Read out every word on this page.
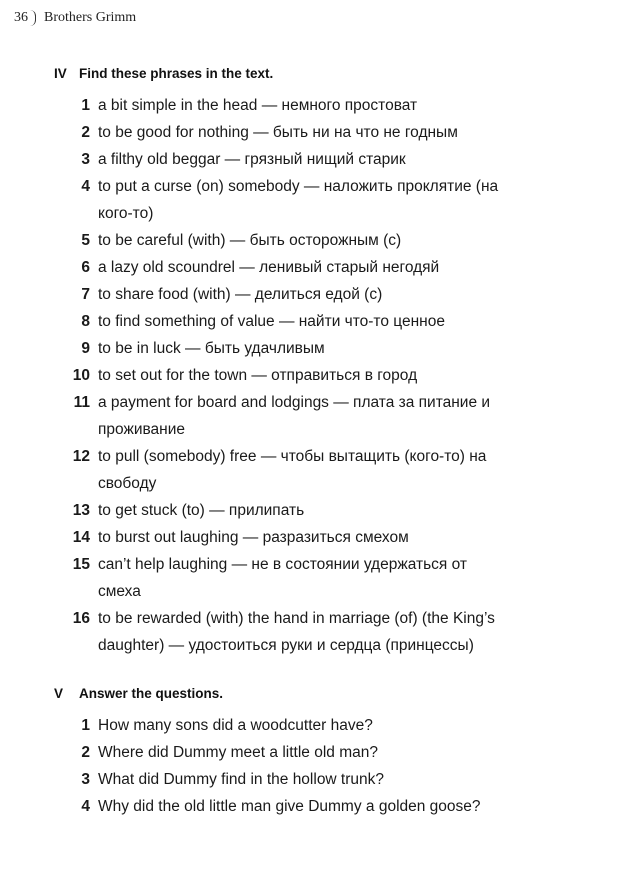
36 Brothers Grimm
IV Find these phrases in the text.
1 a bit simple in the head — немного простоват
2 to be good for nothing — быть ни на что не годным
3 a filthy old beggar — грязный нищий старик
4 to put a curse (on) somebody — наложить проклятие (на
кого-то)
5 to be careful (with) — быть осторожным (с)
6 a lazy old scoundrel — ленивый старый негодяй
7 to share food (with) — делиться едой (с)
8 to find something of value — найти что-то ценное
9 to be in luck — быть удачливым
10 to set out for the town — отправиться в город
11 a payment for board and lodgings — плата за питание и
проживание
12 to pull (somebody) free — чтобы вытащить (кого-то) на
свободу
13 to get stuck (to) — прилипать
14 to burst out laughing — разразиться смехом
15 can’t help laughing — не в состоянии удержаться от
смеха
16 to be rewarded (with) the hand in marriage (of) (the King’s
daughter) — удостоиться руки и сердца (принцессы)
V	Answer the questions.
1 How many sons did a woodcutter have?
2 Where did Dummy meet a little old man?
3 What did Dummy find in the hollow trunk?
4 Why did the old little man give Dummy a golden goose?
